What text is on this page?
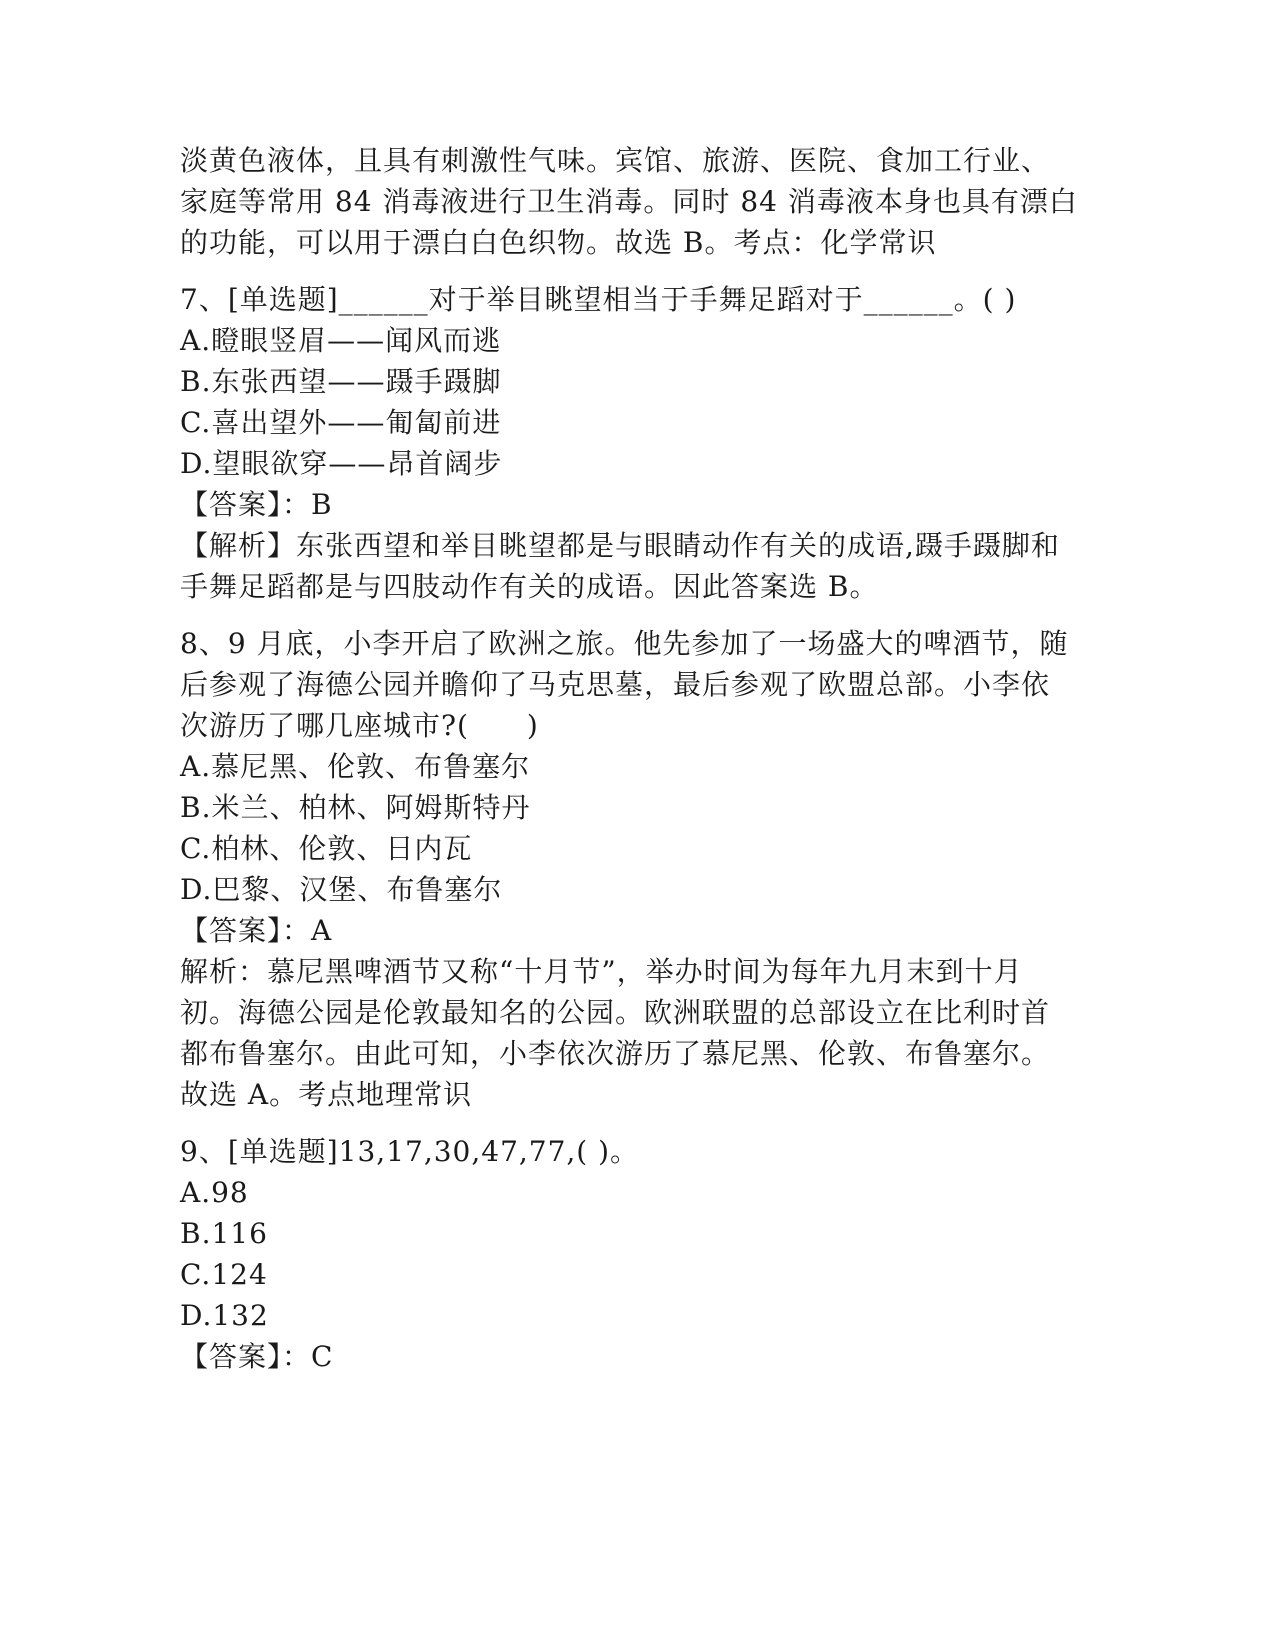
淡黄色液体，且具有刺激性气味。宾馆、旅游、医院、食加工行业、
家庭等常用 84 消毒液进行卫生消毒。同时 84 消毒液本身也具有漂白
的功能，可以用于漂白白色织物。故选 B。考点：化学常识
7、[单选题]______对于举目眺望相当于手舞足蹈对于______。( )
A.瞪眼竖眉——闻风而逃
B.东张西望——蹑手蹑脚
C.喜出望外——匍匐前进
D.望眼欲穿——昂首阔步
【答案】：B
【解析】东张西望和举目眺望都是与眼睛动作有关的成语,蹑手蹑脚和
手舞足蹈都是与四肢动作有关的成语。因此答案选 B。
8、9 月底，小李开启了欧洲之旅。他先参加了一场盛大的啤酒节，随
后参观了海德公园并瞻仰了马克思墓，最后参观了欧盟总部。小李依
次游历了哪几座城市?(　　)
A.慕尼黑、伦敦、布鲁塞尔
B.米兰、柏林、阿姆斯特丹
C.柏林、伦敦、日内瓦
D.巴黎、汉堡、布鲁塞尔
【答案】：A
解析：慕尼黑啤酒节又称“十月节”，举办时间为每年九月末到十月
初。海德公园是伦敦最知名的公园。欧洲联盟的总部设立在比利时首
都布鲁塞尔。由此可知，小李依次游历了慕尼黑、伦敦、布鲁塞尔。
故选 A。考点地理常识
9、[单选题]13,17,30,47,77,( )。
A.98
B.116
C.124
D.132
【答案】：C
